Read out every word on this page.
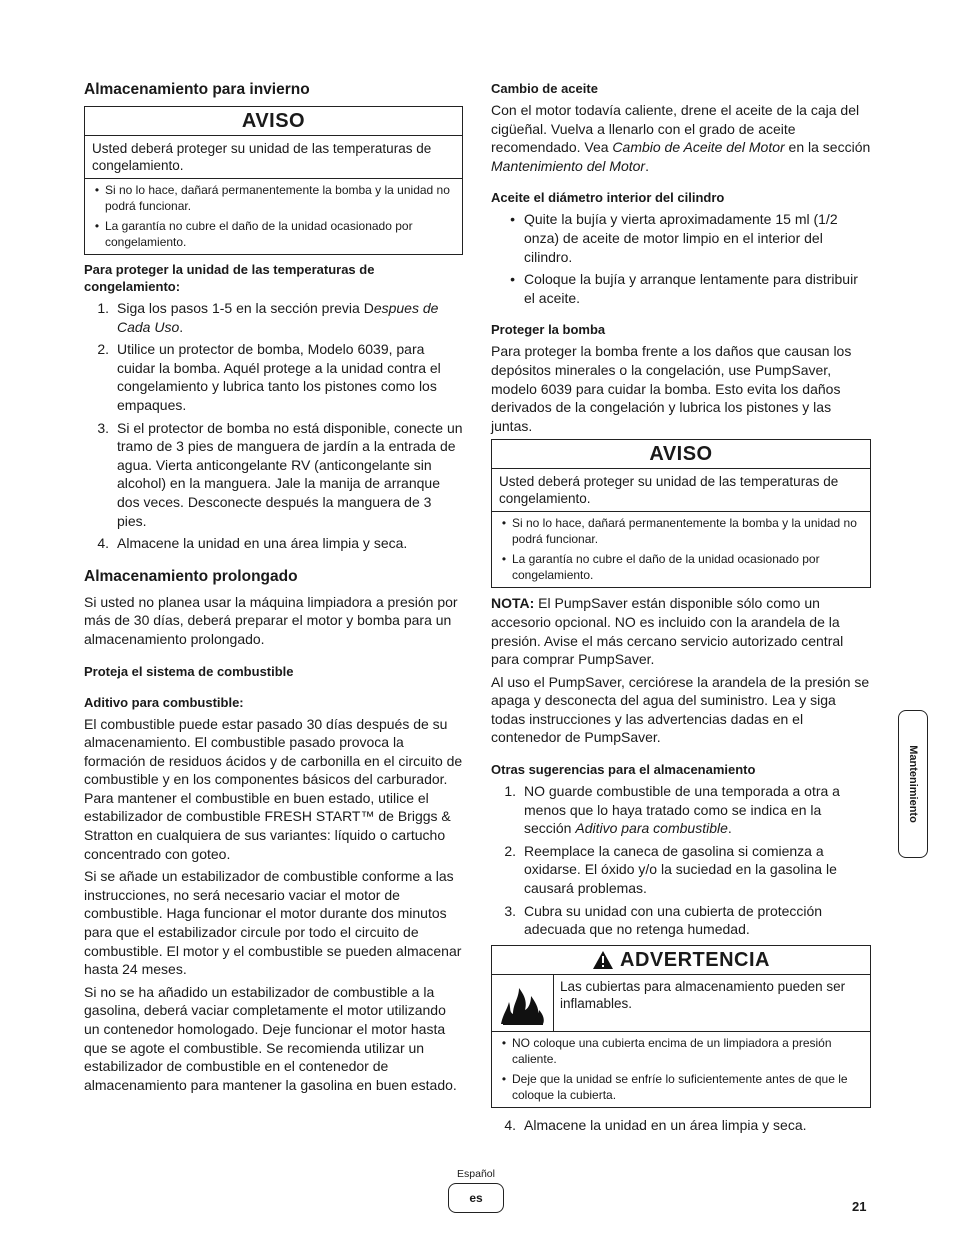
Almacenamiento para invierno
AVISO
Usted deberá proteger su unidad de las temperaturas de congelamiento.
• Si no lo hace, dañará permanentemente la bomba y la unidad no podrá funcionar.
• La garantía no cubre el daño de la unidad ocasionado por congelamiento.
Para proteger la unidad de las temperaturas de congelamiento:
1. Siga los pasos 1-5 en la sección previa Despues de Cada Uso.
2. Utilice un protector de bomba, Modelo 6039, para cuidar la bomba. Aquél protege a la unidad contra el congelamiento y lubrica tanto los pistones como los empaques.
3. Si el protector de bomba no está disponible, conecte un tramo de 3 pies de manguera de jardín a la entrada de agua. Vierta anticongelante RV (anticongelante sin alcohol) en la manguera. Jale la manija de arranque dos veces. Desconecte después la manguera de 3 pies.
4. Almacene la unidad en una área limpia y seca.
Almacenamiento prolongado

Si usted no planea usar la máquina limpiadora a presión por más de 30 días, deberá preparar el motor y bomba para un almacenamiento prolongado.

Proteja el sistema de combustible
Aditivo para combustible:

El combustible puede estar pasado 30 días después de su almacenamiento. El combustible pasado provoca la formación de residuos ácidos y de carbonilla en el circuito de combustible y en los componentes básicos del carburador. Para mantener el combustible en buen estado, utilice el estabilizador de combustible FRESH START™ de Briggs & Stratton en cualquiera de sus variantes: líquido o cartucho concentrado con goteo.

Si se añade un estabilizador de combustible conforme a las instrucciones, no será necesario vaciar el motor de combustible. Haga funcionar el motor durante dos minutos para que el estabilizador circule por todo el circuito de combustible. El motor y el combustible se pueden almacenar hasta 24 meses.

Si no se ha añadido un estabilizador de combustible a la gasolina, deberá vaciar completamente el motor utilizando un contenedor homologado. Deje funcionar el motor hasta que se agote el combustible. Se recomienda utilizar un estabilizador de combustible en el contenedor de almacenamiento para mantener la gasolina en buen estado.

Cambio de aceite

Con el motor todavía caliente, drene el aceite de la caja del cigüeñal. Vuelva a llenarlo con el grado de aceite recomendado. Vea Cambio de Aceite del Motor en la sección Mantenimiento del Motor.

Aceite el diámetro interior del cilindro
• Quite la bujía y vierta aproximadamente 15 ml (1/2 onza) de aceite de motor limpio en el interior del cilindro.
• Coloque la bujía y arranque lentamente para distribuir el aceite.
Proteger la bomba

Para proteger la bomba frente a los daños que causan los depósitos minerales o la congelación, use PumpSaver, modelo 6039 para cuidar la bomba. Esto evita los daños derivados de la congelación y lubrica los pistones y las juntas.

AVISO
Usted deberá proteger su unidad de las temperaturas de congelamiento.
• Si no lo hace, dañará permanentemente la bomba y la unidad no podrá funcionar.
• La garantía no cubre el daño de la unidad ocasionado por congelamiento.

NOTA: El PumpSaver están disponible sólo como un accesorio opcional. NO es incluido con la arandela de la presión. Avise el más cercano servicio autorizado central para comprar PumpSaver.

Al uso el PumpSaver, cerciórese la arandela de la presión se apaga y desconecta del agua del suministro. Lea y siga todas instrucciones y las advertencias dadas en el contenedor de PumpSaver.

Otras sugerencias para el almacenamiento
1. NO guarde combustible de una temporada a otra a menos que lo haya tratado como se indica en la sección Aditivo para combustible.
2. Reemplace la caneca de gasolina si comienza a oxidarse. El óxido y/o la suciedad en la gasolina le causará problemas.
3. Cubra su unidad con una cubierta de protección adecuada que no retenga humedad.
ADVERTENCIA
Las cubiertas para almacenamiento pueden ser inflamables.
• NO coloque una cubierta encima de un limpiadora a presión caliente.
• Deje que la unidad se enfríe lo suficientemente antes de que le coloque la cubierta.
4. Almacene la unidad en un área limpia y seca.
Mantenimiento
Español
es
21
